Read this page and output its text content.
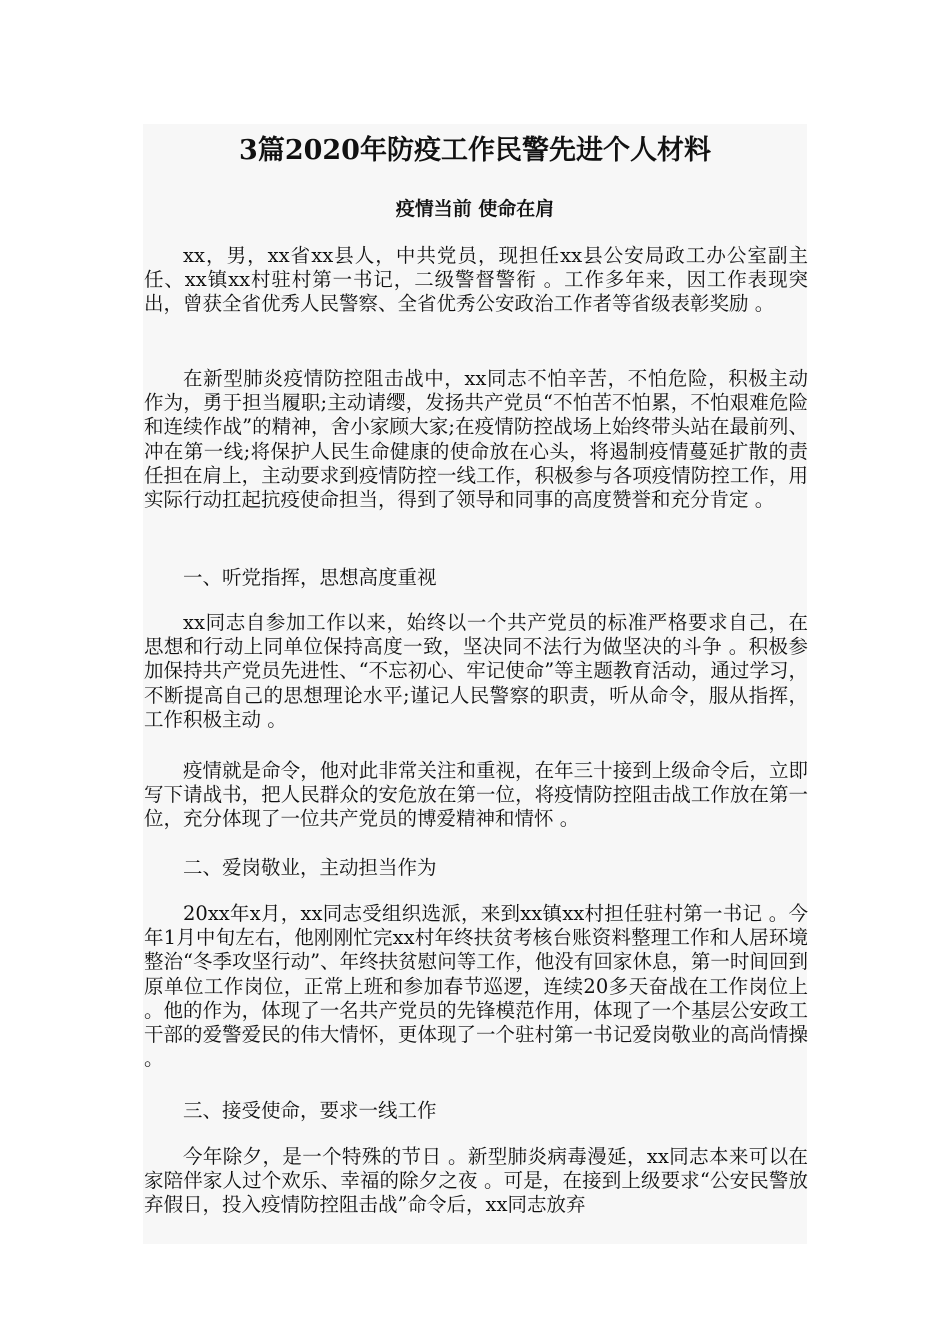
3篇2020年防疫工作民警先进个人材料
疫情当前 使命在肩

xx，男，xx省xx县人，中共党员，现担任xx县公安局政工办公室副主任、xx镇xx村驻村第一书记，二级警督警衔 。工作多年来，因工作表现突出，曾获全省优秀人民警察、全省优秀公安政治工作者等省级表彰奖励 。

在新型肺炎疫情防控阻击战中，xx同志不怕辛苦，不怕危险，积极主动作为，勇于担当履职;主动请缨，发扬共产党员“不怕苦不怕累，不怕艰难危险和连续作战”的精神，舍小家顾大家;在疫情防控战场上始终带头站在最前列、冲在第一线;将保护人民生命健康的使命放在心头，将遏制疫情蔓延扩散的责任担在肩上，主动要求到疫情防控一线工作，积极参与各项疫情防控工作，用实际行动扛起抗疫使命担当，得到了领导和同事的高度赞誉和充分肯定 。

一、听党指挥，思想高度重视

xx同志自参加工作以来，始终以一个共产党员的标准严格要求自己，在思想和行动上同单位保持高度一致，坚决同不法行为做坚决的斗争 。积极参加保持共产党员先进性、“不忘初心、牢记使命”等主题教育活动，通过学习，不断提高自己的思想理论水平;谨记人民警察的职责，听从命令，服从指挥，工作积极主动 。

疫情就是命令，他对此非常关注和重视，在年三十接到上级命令后，立即写下请战书，把人民群众的安危放在第一位，将疫情防控阻击战工作放在第一位，充分体现了一位共产党员的博爱精神和情怀 。

二、爱岗敬业，主动担当作为

20xx年x月，xx同志受组织选派，来到xx镇xx村担任驻村第一书记 。今年1月中旬左右，他刚刚忙完xx村年终扶贫考核台账资料整理工作和人居环境整治“冬季攻坚行动”、年终扶贫慰问等工作，他没有回家休息，第一时间回到原单位工作岗位，正常上班和参加春节巡逻，连续20多天奋战在工作岗位上 。他的作为，体现了一名共产党员的先锋模范作用，体现了一个基层公安政工干部的爱警爱民的伟大情怀，更体现了一个驻村第一书记爱岗敬业的高尚情操 。

三、接受使命，要求一线工作

今年除夕，是一个特殊的节日 。新型肺炎病毒漫延，xx同志本来可以在家陪伴家人过个欢乐、幸福的除夕之夜 。可是，在接到上级要求“公安民警放弃假日，投入疫情防控阻击战”命令后，xx同志放弃
